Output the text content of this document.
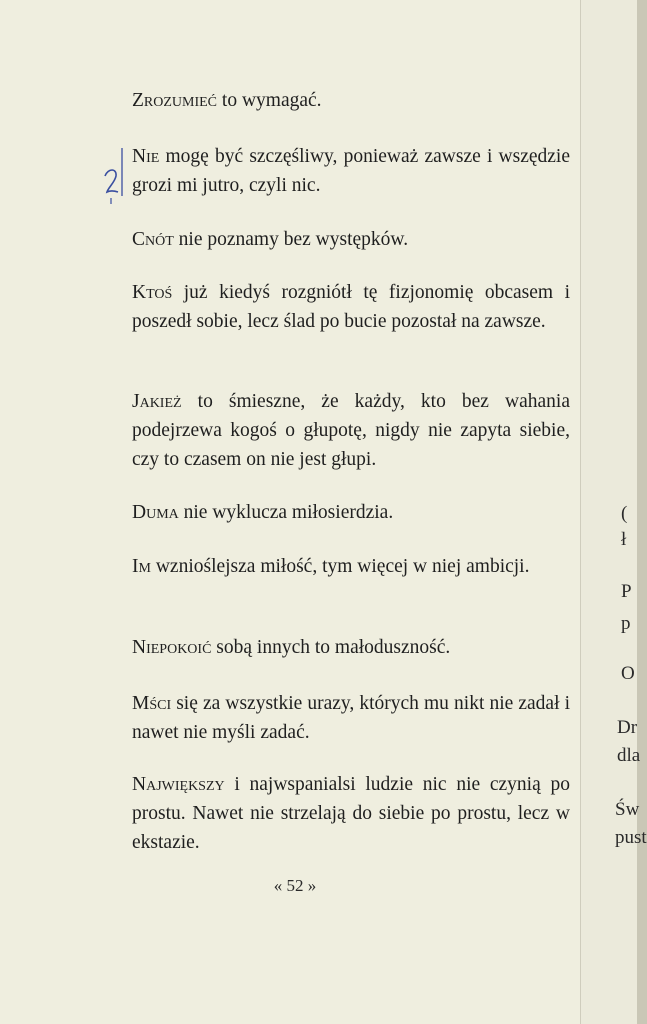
2
Zrozumieć to wymagać.
Nie mogę być szczęśliwy, ponieważ zawsze i wszędzie grozi mi jutro, czyli nic.
Cnót nie poznamy bez występków.
Ktoś już kiedyś rozgniótł tę fizjonomię obcasem i poszedł sobie, lecz ślad po bucie pozostał na zawsze.
Jakież to śmieszne, że każdy, kto bez wahania podejrzewa kogoś o głupotę, nigdy nie zapyta siebie, czy to czasem on nie jest głupi.
Duma nie wyklucza miłosierdzia.
Im wznioślejsza miłość, tym więcej w niej ambicji.
Niepokoić sobą innych to małoduszność.
Mści się za wszystkie urazy, których mu nikt nie zadał i nawet nie myśli zadać.
Największy i najwspanialsi ludzie nic nie czynią po prostu. Nawet nie strzelają do siebie po prostu, lecz w ekstazie.
« 52 »
(
ł
P
p
O
Dr
dla
Św
pust
